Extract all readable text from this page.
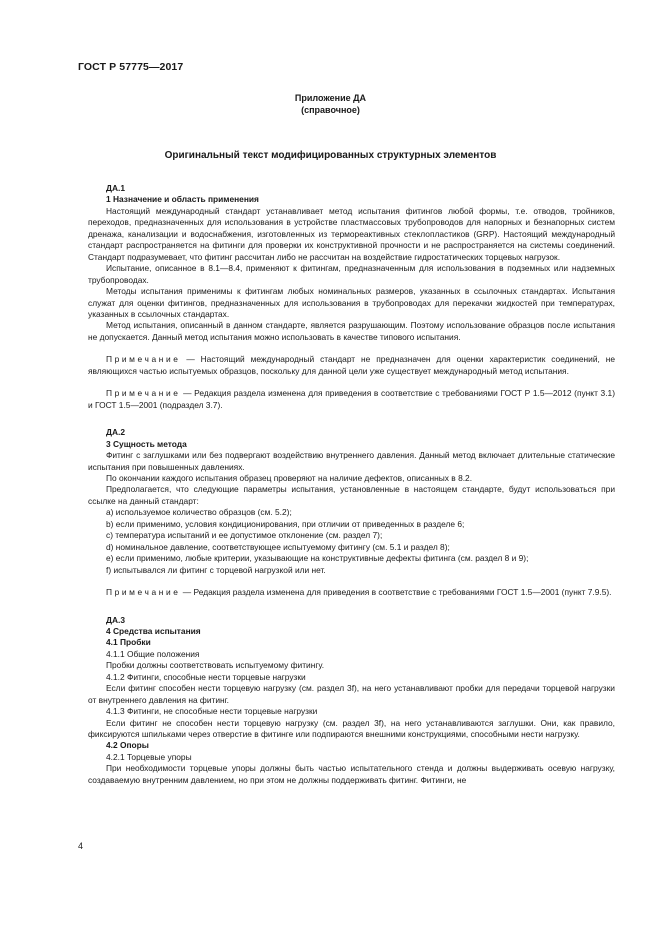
ГОСТ Р 57775—2017
Приложение ДА
(справочное)
Оригинальный текст модифицированных структурных элементов

ДА.1

1 Назначение и область применения

Настоящий международный стандарт устанавливает метод испытания фитингов любой формы, т.е. отводов, тройников, переходов, предназначенных для использования в устройстве пластмассовых трубопроводов для напорных и безнапорных систем дренажа, канализации и водоснабжения, изготовленных из термореактивных стеклопластиков (GRP). Настоящий международный стандарт распространяется на фитинги для проверки их конструктивной прочности и не распространяется на системы соединений. Стандарт подразумевает, что фитинг рассчитан либо не рассчитан на воздействие гидростатических торцевых нагрузок.

Испытание, описанное в 8.1—8.4, применяют к фитингам, предназначенным для использования в подземных или надземных трубопроводах.

Методы испытания применимы к фитингам любых номинальных размеров, указанных в ссылочных стандартах. Испытания служат для оценки фитингов, предназначенных для использования в трубопроводах для перекачки жидкостей при температурах, указанных в ссылочных стандартах.

Метод испытания, описанный в данном стандарте, является разрушающим. Поэтому использование образцов после испытания не допускается. Данный метод испытания можно использовать в качестве типового испытания.

Примечание — Настоящий международный стандарт не предназначен для оценки характеристик соединений, не являющихся частью испытуемых образцов, поскольку для данной цели уже существует международный метод испытания.

Примечание — Редакция раздела изменена для приведения в соответствие с требованиями ГОСТ Р 1.5—2012 (пункт 3.1) и ГОСТ 1.5—2001 (подраздел 3.7).

ДА.2

3 Сущность метода

Фитинг с заглушками или без подвергают воздействию внутреннего давления. Данный метод включает длительные статические испытания при повышенных давлениях.

По окончании каждого испытания образец проверяют на наличие дефектов, описанных в 8.2.

Предполагается, что следующие параметры испытания, установленные в настоящем стандарте, будут использоваться при ссылке на данный стандарт:

a) используемое количество образцов (см. 5.2);

b) если применимо, условия кондиционирования, при отличии от приведенных в разделе 6;

c) температура испытаний и ее допустимое отклонение (см. раздел 7);

d) номинальное давление, соответствующее испытуемому фитингу (см. 5.1 и раздел 8);

e) если применимо, любые критерии, указывающие на конструктивные дефекты фитинга (см. раздел 8 и 9);

f) испытывался ли фитинг с торцевой нагрузкой или нет.

Примечание — Редакция раздела изменена для приведения в соответствие с требованиями ГОСТ 1.5—2001 (пункт 7.9.5).

ДА.3

4 Средства испытания

4.1 Пробки

4.1.1 Общие положения

Пробки должны соответствовать испытуемому фитингу.

4.1.2 Фитинги, способные нести торцевые нагрузки

Если фитинг способен нести торцевую нагрузку (см. раздел 3f), на него устанавливают пробки для передачи торцевой нагрузки от внутреннего давления на фитинг.

4.1.3 Фитинги, не способные нести торцевые нагрузки

Если фитинг не способен нести торцевую нагрузку (см. раздел 3f), на него устанавливаются заглушки. Они, как правило, фиксируются шпильками через отверстие в фитинге или подпираются внешними конструкциями, способными нести нагрузку.

4.2 Опоры

4.2.1 Торцевые упоры

При необходимости торцевые упоры должны быть частью испытательного стенда и должны выдерживать осевую нагрузку, создаваемую внутренним давлением, но при этом не должны поддерживать фитинг. Фитинги, не

4
